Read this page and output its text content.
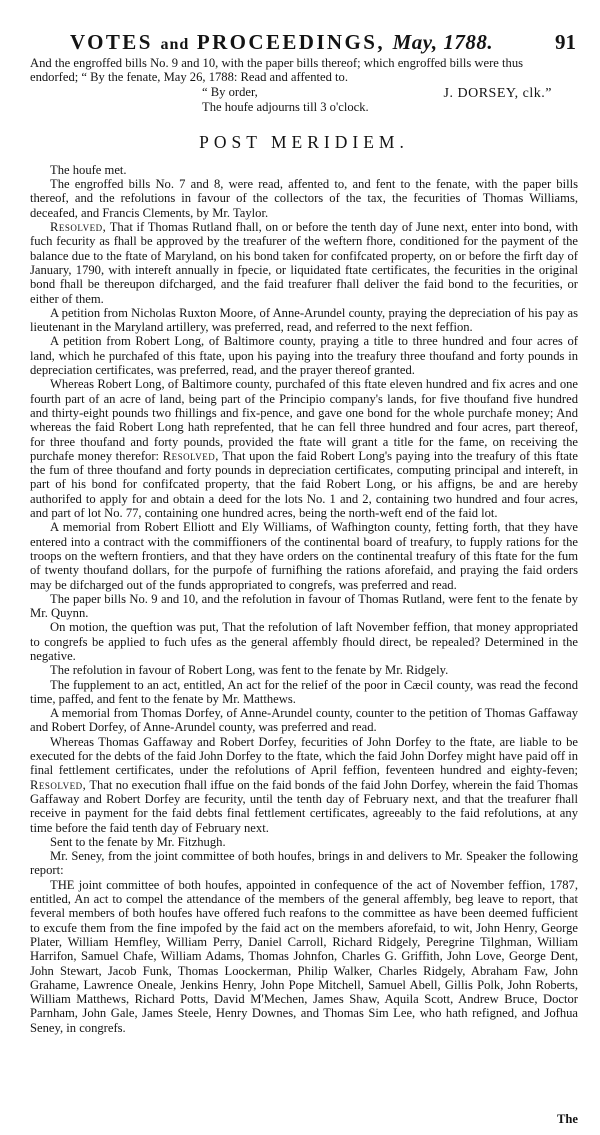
VOTES and PROCEEDINGS, May, 1788.	91
And the engroffed bills No. 9 and 10, with the paper bills thereof; which engroffed bills were thus
endorfed; “ By the fenate, May 26, 1788: Read and affented to.
“ By order,	J. DORSEY, clk.”
The houfe adjourns till 3 o'clock.
POST MERIDIEM.

The houfe met.

The engroffed bills No. 7 and 8, were read, affented to, and fent to the fenate, with the paper bills thereof, and the refolutions in favour of the collectors of the tax, the fecurities of Thomas Williams, deceafed, and Francis Clements, by Mr. Taylor.

Resolved, That if Thomas Rutland fhall, on or before the tenth day of June next, enter into bond, with fuch fecurity as fhall be approved by the treafurer of the weftern fhore, conditioned for the payment of the balance due to the ftate of Maryland, on his bond taken for confifcated property, on or before the firft day of January, 1790, with intereft annually in fpecie, or liquidated ftate certificates, the fecurities in the original bond fhall be thereupon difcharged, and the faid treafurer fhall deliver the faid bond to the fecurities, or either of them.

A petition from Nicholas Ruxton Moore, of Anne-Arundel county, praying the depreciation of his pay as lieutenant in the Maryland artillery, was preferred, read, and referred to the next feffion.

A petition from Robert Long, of Baltimore county, praying a title to three hundred and four acres of land, which he purchafed of this ftate, upon his paying into the treafury three thoufand and forty pounds in depreciation certificates, was preferred, read, and the prayer thereof granted.

Whereas Robert Long, of Baltimore county, purchafed of this ftate eleven hundred and fix acres and one fourth part of an acre of land, being part of the Principio company's lands, for five thoufand five hundred and thirty-eight pounds two fhillings and fix-pence, and gave one bond for the whole purchafe money; And whereas the faid Robert Long hath reprefented, that he can fell three hundred and four acres, part thereof, for three thoufand and forty pounds, provided the ftate will grant a title for the fame, on receiving the purchafe money therefor: Resolved, That upon the faid Robert Long's paying into the treafury of this ftate the fum of three thoufand and forty pounds in depreciation certificates, computing principal and intereft, in part of his bond for confifcated property, that the faid Robert Long, or his affigns, be and are hereby authorifed to apply for and obtain a deed for the lots No. 1 and 2, containing two hundred and four acres, and part of lot No. 77, containing one hundred acres, being the north-weft end of the faid lot.

A memorial from Robert Elliott and Ely Williams, of Wafhington county, fetting forth, that they have entered into a contract with the commiffioners of the continental board of treafury, to fupply rations for the troops on the weftern frontiers, and that they have orders on the continental treafury of this ftate for the fum of twenty thoufand dollars, for the purpofe of furnifhing the rations aforefaid, and praying the faid orders may be difcharged out of the funds appropriated to congrefs, was preferred and read.

The paper bills No. 9 and 10, and the refolution in favour of Thomas Rutland, were fent to the fenate by Mr. Quynn.

On motion, the queftion was put, That the refolution of laft November feffion, that money appropriated to congrefs be applied to fuch ufes as the general affembly fhould direct, be repealed? Determined in the negative.

The refolution in favour of Robert Long, was fent to the fenate by Mr. Ridgely.

The fupplement to an act, entitled, An act for the relief of the poor in Cæcil county, was read the fecond time, paffed, and fent to the fenate by Mr. Matthews.

A memorial from Thomas Dorfey, of Anne-Arundel county, counter to the petition of Thomas Gaffaway and Robert Dorfey, of Anne-Arundel county, was preferred and read.

Whereas Thomas Gaffaway and Robert Dorfey, fecurities of John Dorfey to the ftate, are liable to be executed for the debts of the faid John Dorfey to the ftate, which the faid John Dorfey might have paid off in final fettlement certificates, under the refolutions of April feffion, feventeen hundred and eighty-feven; Resolved, That no execution fhall iffue on the faid bonds of the faid John Dorfey, wherein the faid Thomas Gaffaway and Robert Dorfey are fecurity, until the tenth day of February next, and that the treafurer fhall receive in payment for the faid debts final fettlement certificates, agreeably to the faid refolutions, at any time before the faid tenth day of February next.

Sent to the fenate by Mr. Fitzhugh.

Mr. Seney, from the joint committee of both houfes, brings in and delivers to Mr. Speaker the following report:

THE joint committee of both houfes, appointed in confequence of the act of November feffion, 1787, entitled, An act to compel the attendance of the members of the general affembly, beg leave to report, that feveral members of both houfes have offered fuch reafons to the committee as have been deemed fufficient to excufe them from the fine impofed by the faid act on the members aforefaid, to wit, John Henry, George Plater, William Hemfley, William Perry, Daniel Carroll, Richard Ridgely, Peregrine Tilghman, William Harrifon, Samuel Chafe, William Adams, Thomas Johnfon, Charles G. Griffith, John Love, George Dent, John Stewart, Jacob Funk, Thomas Loockerman, Philip Walker, Charles Ridgely, Abraham Faw, John Grahame, Lawrence Oneale, Jenkins Henry, John Pope Mitchell, Samuel Abell, Gillis Polk, John Roberts, William Matthews, Richard Potts, David M'Mechen, James Shaw, Aquila Scott, Andrew Bruce, Doctor Parnham, John Gale, James Steele, Henry Downes, and Thomas Sim Lee, who hath refigned, and Jofhua Seney, in congrefs.

The
